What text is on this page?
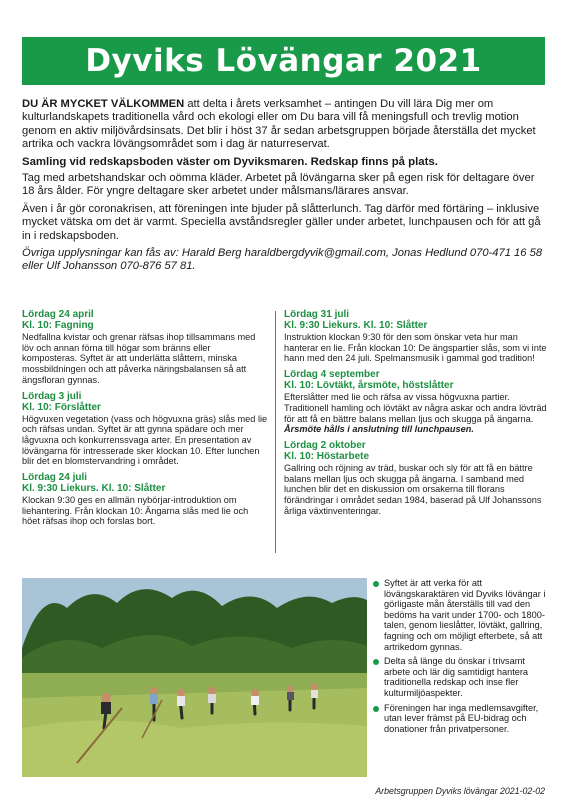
Dyviks Lövängar 2021

DU ÄR MYCKET VÄLKOMMEN att delta i årets verksamhet – antingen Du vill lära Dig mer om kulturlandskapets traditionella vård och ekologi eller om Du bara vill få meningsfull och trevlig motion genom en aktiv miljövårdsinsats. Det blir i höst 37 år sedan arbetsgruppen började återställa det mycket artrika och vackra lövängsområdet som i dag är naturreservat.

Samling vid redskapsboden väster om Dyviksmaren. Redskap finns på plats.

Tag med arbetshandskar och oömma kläder. Arbetet på lövängarna sker på egen risk för deltagare över 18 års ålder. För yngre deltagare sker arbetet under målsmans/lärares ansvar.

Även i år gör coronakrisen, att föreningen inte bjuder på slåtterlunch. Tag därför med förtäring – inklusive mycket vätska om det är varmt. Speciella avståndsregler gäller under arbetet, lunchpausen och för att gå in i redskapsboden.

Övriga upplysningar kan fås av: Harald Berg haraldbergdyvik@gmail.com, Jonas Hedlund 070-471 16 58 eller Ulf Johansson 070-876 57 81.

Lördag 24 april
Kl. 10: Fagning
Nedfallna kvistar och grenar räfsas ihop tillsammans med löv och annan förna till högar som bränns eller komposteras. Syftet är att underlätta slåttern, minska mossbildningen och att påverka näringsbalansen så att ängsfloran gynnas.
Lördag 3 juli
Kl. 10: Förslåtter
Högvuxen vegetation (vass och högvuxna gräs) slås med lie och räfsas undan. Syftet är att gynna spädare och mer lågvuxna och konkurrenssvaga arter. En presentation av lövängarna för intresserade sker klockan 10. Efter lunchen blir det en blomstervandring i området.
Lördag 24 juli
Kl. 9:30 Liekurs. Kl. 10: Slåtter
Klockan 9:30 ges en allmän nybörjar-introduktion om liehantering. Från klockan 10: Ängarna slås med lie och höet räfsas ihop och forslas bort.
Lördag 31 juli
Kl. 9:30 Liekurs. Kl. 10: Slåtter
Instruktion klockan 9:30 för den som önskar veta hur man hanterar en lie. Från klockan 10: De ängspartier slås, som vi inte hann med den 24 juli. Spelmansmusik i gammal god tradition!
Lördag 4 september
Kl. 10: Lövtäkt, årsmöte, höstslåtter
Efterslåtter med lie och räfsa av vissa högvuxna partier. Traditionell hamling och lövtäkt av några askar och andra lövträd för att få en bättre balans mellan ljus och skugga på ängarna.
Årsmöte hålls i anslutning till lunchpausen.
Lördag 2 oktober
Kl. 10: Höstarbete
Gallring och röjning av träd, buskar och sly för att få en bättre balans mellan ljus och skugga på ängarna. I samband med lunchen blir det en diskussion om orsakerna till florans förändringar i området sedan 1984, baserad på Ulf Johanssons årliga växtinventeringar.
Syftet är att verka för att lövängskaraktären vid Dyviks lövängar i görligaste mån återställs till vad den bedöms ha varit under 1700- och 1800-talen, genom lieslåtter, lövtäkt, gallring, fagning och om möjligt efterbete, så att artrikedom gynnas.
Delta så länge du önskar i trivsamt arbete och lär dig samtidigt hantera traditionella redskap och inse fler kulturmiljöaspekter.
Föreningen har inga medlemsavgifter, utan lever främst på EU-bidrag och donationer från privatpersoner.
Arbetsgruppen Dyviks lövängar 2021-02-02
